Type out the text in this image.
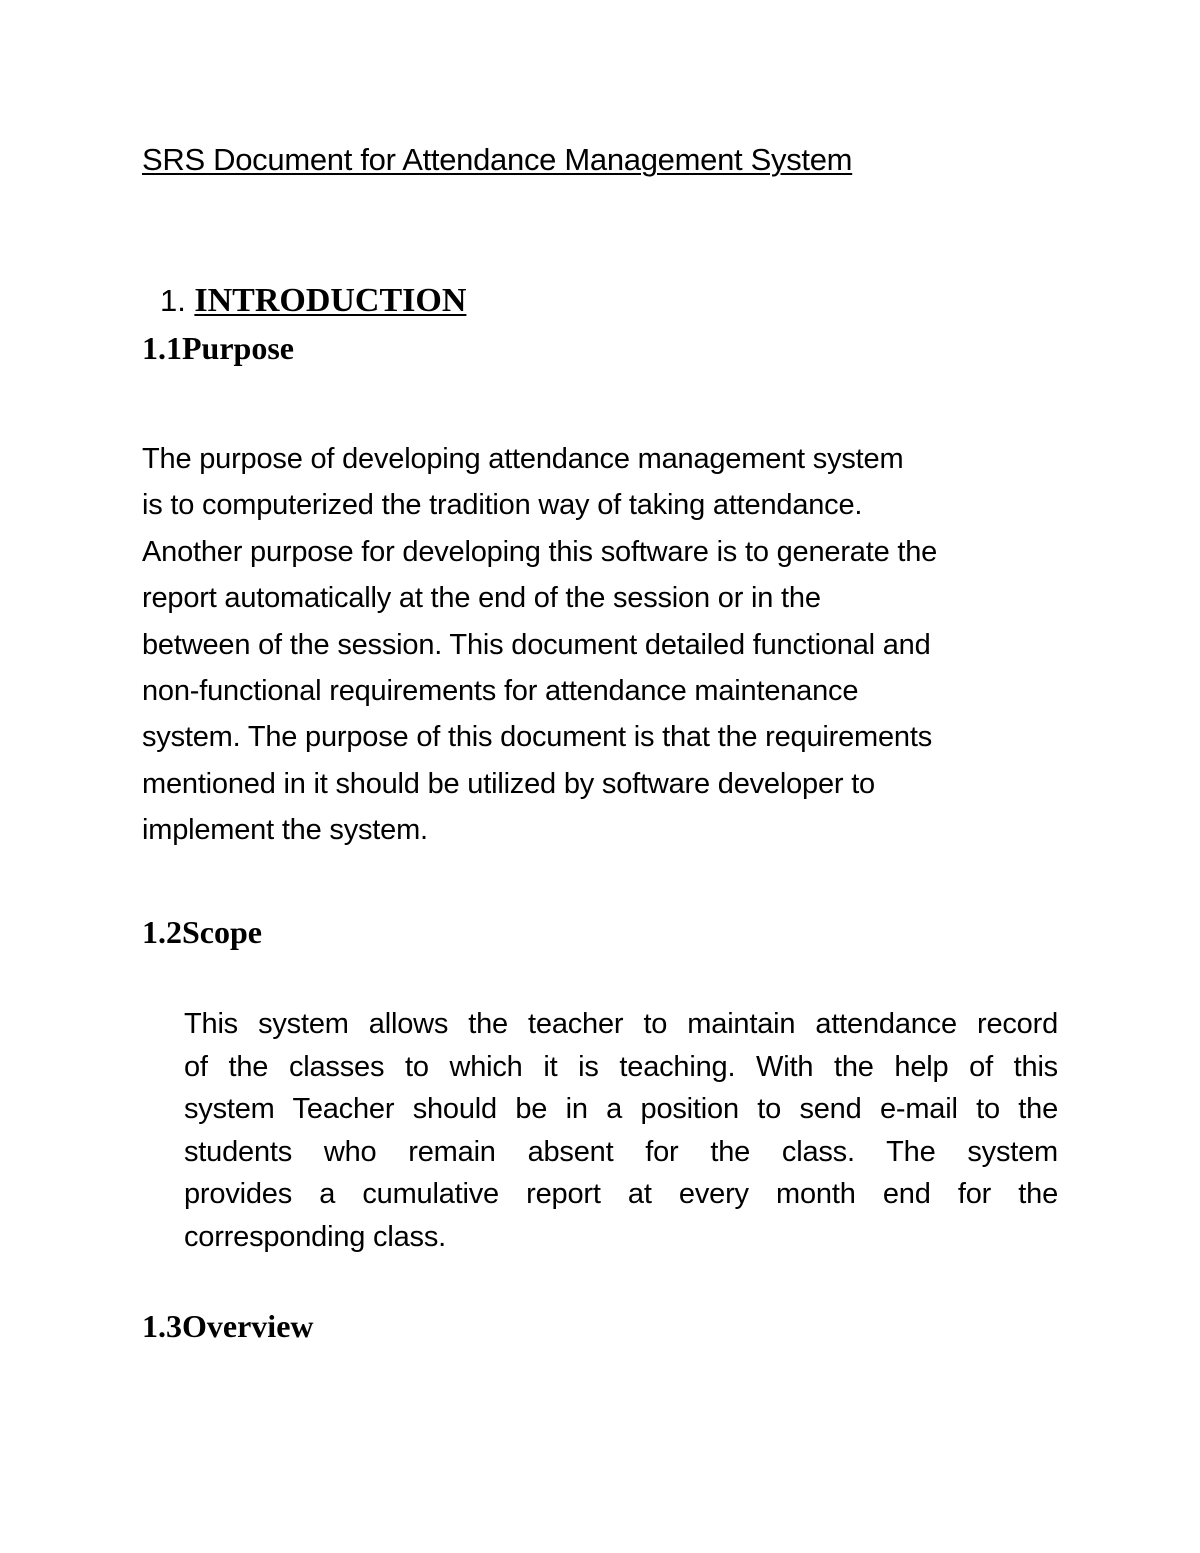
SRS Document for Attendance Management System
1. INTRODUCTION
1.1Purpose
The purpose of developing attendance management system
is to computerized the tradition way of taking attendance.
Another purpose for developing this software is to generate the
report automatically at the end of the session or in the
between of the session. This document detailed functional and
non-functional requirements for attendance maintenance
system. The purpose of this document is that the requirements
mentioned in it should be utilized by software developer to
implement the system.
1.2Scope
This system allows the teacher to maintain attendance record
of the classes to which it is teaching. With the help of this
system Teacher should be in a position to send e-mail to the
students who remain absent for the class. The system
provides a cumulative report at every month end for the
corresponding class.
1.3Overview
